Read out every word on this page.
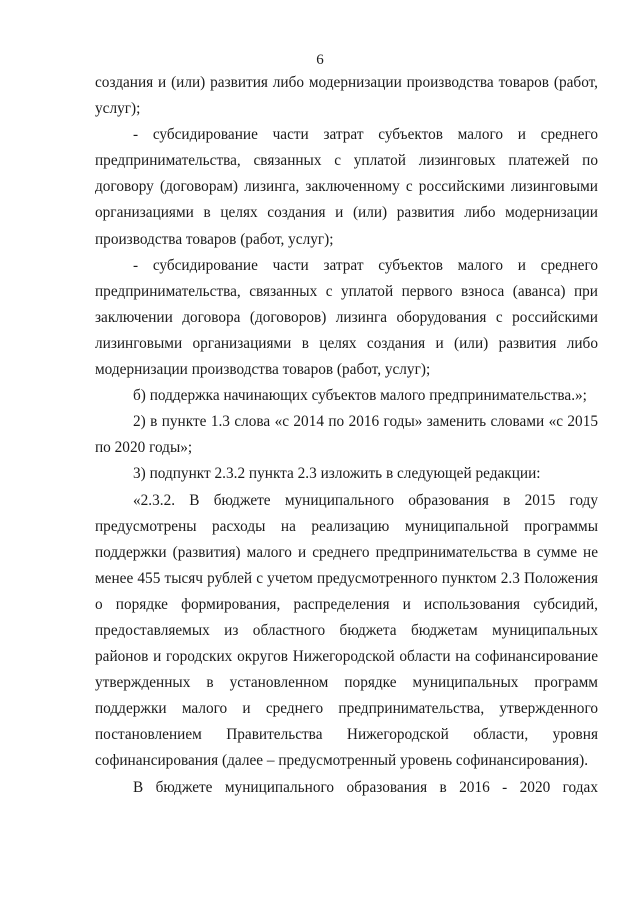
6

создания и (или) развития либо модернизации производства товаров (работ, услуг);

- субсидирование части затрат субъектов малого и среднего предпринимательства, связанных с уплатой лизинговых платежей по договору (договорам) лизинга, заключенному с российскими лизинговыми организациями в целях создания и (или) развития либо модернизации производства товаров (работ, услуг);

- субсидирование части затрат субъектов малого и среднего предпринимательства, связанных с уплатой первого взноса (аванса) при заключении договора (договоров) лизинга оборудования с российскими лизинговыми организациями в целях создания и (или) развития либо модернизации производства товаров (работ, услуг);

б) поддержка начинающих субъектов малого предпринимательства.»;

2) в пункте 1.3 слова «с 2014 по 2016 годы» заменить словами «с 2015 по 2020 годы»;

3) подпункт 2.3.2 пункта 2.3 изложить в следующей редакции:

«2.3.2. В бюджете муниципального образования в 2015 году предусмотрены расходы на реализацию муниципальной программы поддержки (развития) малого и среднего предпринимательства в сумме не менее 455 тысяч рублей с учетом предусмотренного пунктом 2.3 Положения о порядке формирования, распределения и использования субсидий, предоставляемых из областного бюджета бюджетам муниципальных районов и городских округов Нижегородской области на софинансирование утвержденных в установленном порядке муниципальных программ поддержки малого и среднего предпринимательства, утвержденного постановлением Правительства Нижегородской области, уровня софинансирования (далее – предусмотренный уровень софинансирования).

В бюджете муниципального образования в 2016 - 2020 годах
